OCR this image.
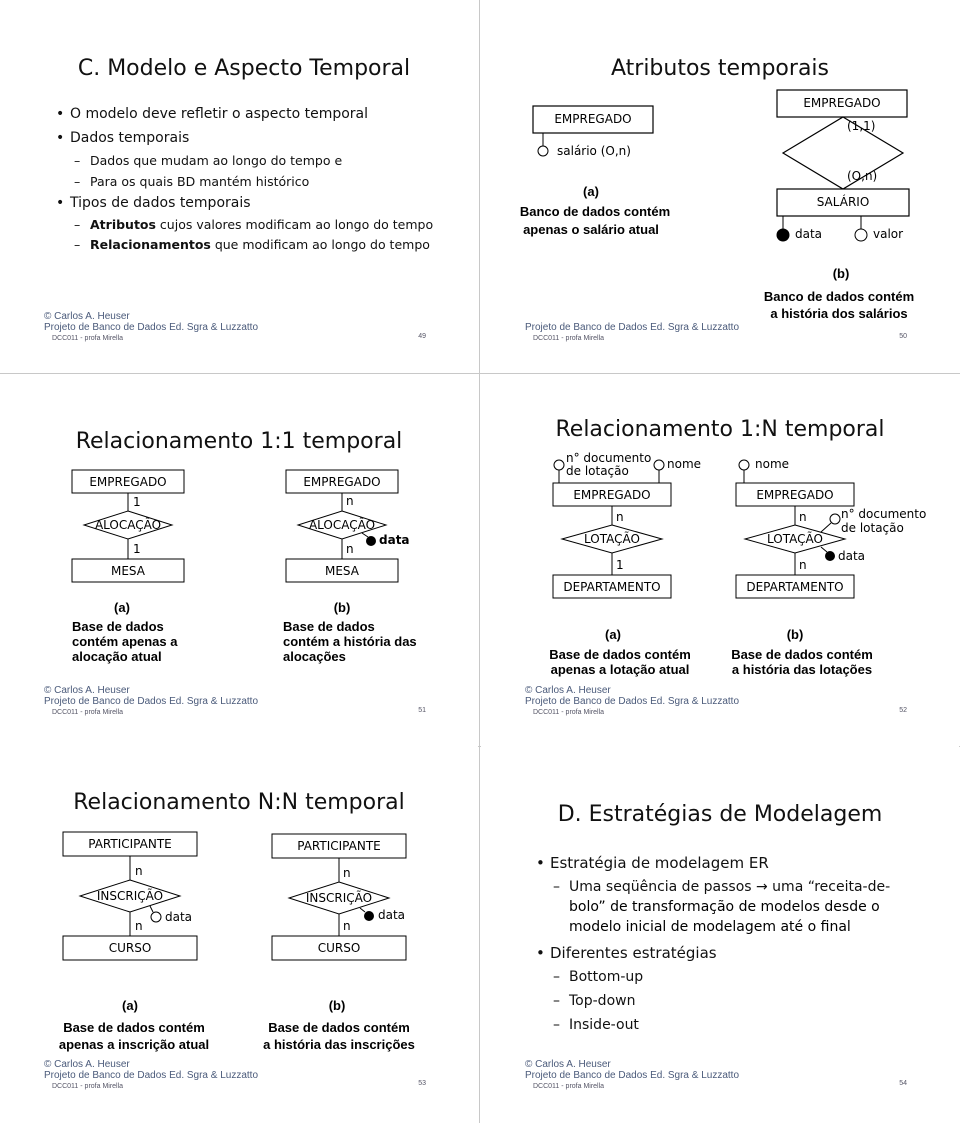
C. Modelo e Aspecto Temporal
• O modelo deve refletir o aspecto temporal
• Dados temporais
– Dados que mudam ao longo do tempo e
– Para os quais BD mantém histórico
• Tipos de dados temporais
– Atributos cujos valores modificam ao longo do tempo
– Relacionamentos que modificam ao longo do tempo
© Carlos A. Heuser
Projeto de Banco de Dados Ed. Sgra & Luzzatto
DCC011 - profa Mirella	49
Atributos temporais
EMPREGADO
salário (O,n)
(a)
Banco de dados contém
apenas o salário atual
EMPREGADO
(1,1)
(O,n)
SALÁRIO
data	valor
(b)
Banco de dados contém
a história dos salários
Projeto de Banco de Dados Ed. Sgra & Luzzatto
DCC011 - profa Mirella	50
Relacionamento 1:1 temporal
EMPREGADO
1
ALOCAÇÃO
1
MESA
EMPREGADO
n
ALOCAÇÃO
data
n
MESA
(a)
Base de dados
contém apenas a
alocação atual
(b)
Base de dados
contém a história das
alocações
© Carlos A. Heuser
Projeto de Banco de Dados Ed. Sgra & Luzzatto
DCC011 - profa Mirella	51
Relacionamento 1:N temporal
n° documento
de lotação	nome
EMPREGADO
n
LOTAÇÃO
1
DEPARTAMENTO
nome
EMPREGADO
n
LOTAÇÃO
n° documento
de lotação
data
n
DEPARTAMENTO
(a)
Base de dados contém
apenas a lotação atual
(b)
Base de dados contém
a história das lotações
© Carlos A. Heuser
Projeto de Banco de Dados Ed. Sgra & Luzzatto
DCC011 - profa Mirella	52
Relacionamento N:N temporal
PARTICIPANTE
n
INSCRIÇÃO
data
n
CURSO
PARTICIPANTE
n
INSCRIÇÃO
data
n
CURSO
(a)
Base de dados contém
apenas a inscrição atual
(b)
Base de dados contém
a história das inscrições
© Carlos A. Heuser
Projeto de Banco de Dados Ed. Sgra & Luzzatto
DCC011 - profa Mirella	53
D. Estratégias de Modelagem
• Estratégia de modelagem ER
– Uma seqüência de passos → uma “receita-de-
bolo” de transformação de modelos desde o
modelo inicial de modelagem até o final
• Diferentes estratégias
– Bottom-up
– Top-down
– Inside-out
© Carlos A. Heuser
Projeto de Banco de Dados Ed. Sgra & Luzzatto
DCC011 - profa Mirella	54
